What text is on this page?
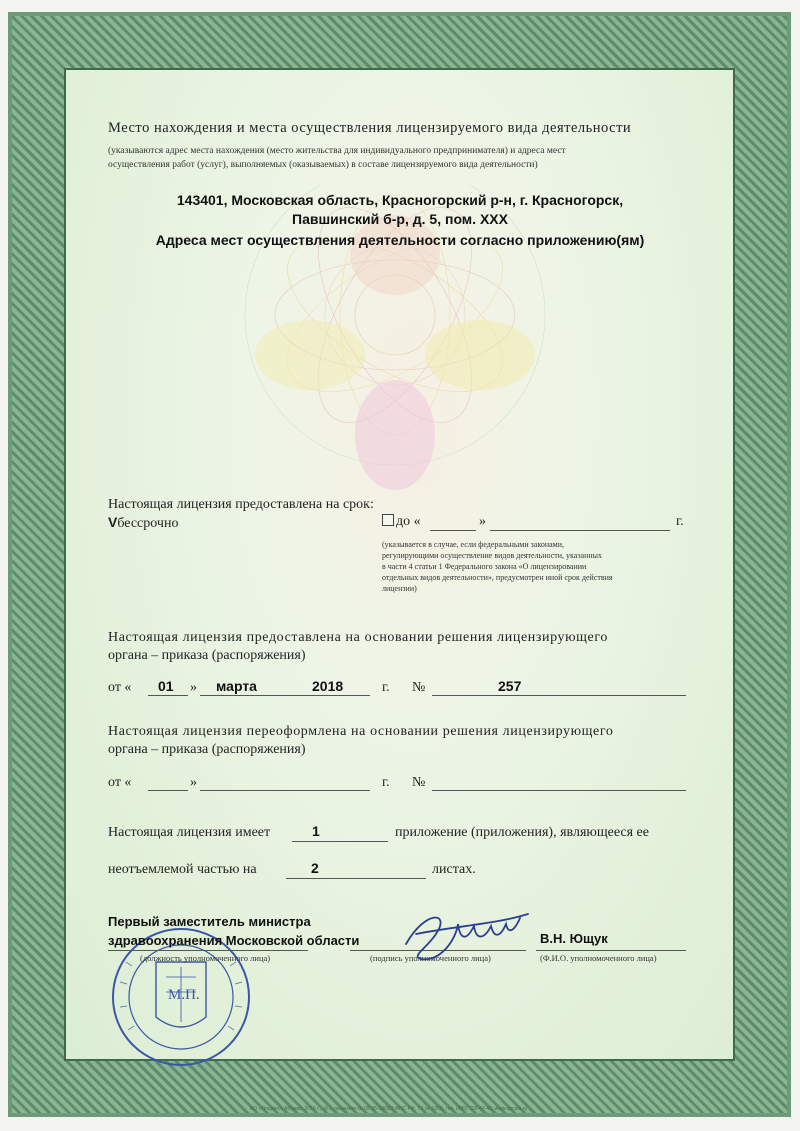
Место нахождения и места осуществления лицензируемого вида деятельности
(указываются адрес места нахождения (место жительства для индивидуального предпринимателя) и адреса мест
осуществления работ (услуг), выполняемых (оказываемых) в составе лицензируемого вида деятельности)
143401, Московская область, Красногорский р-н, г. Красногорск,
Павшинский б-р, д. 5, пом. XXX
Адреса мест осуществления деятельности согласно приложению(ям)
Настоящая лицензия предоставлена на срок:
Vбессрочно	до «	»	г.
(указывается в случае, если федеральными законами,
регулирующими осуществление видов деятельности, указанных
в части 4 статьи 1 Федерального закона «О лицензировании
отдельных видов деятельности», предусмотрен иной срок действия
лицензии)
Настоящая лицензия предоставлена на основании решения лицензирующего
органа – приказа (распоряжения)
от « 01 » марта	2018	г. №	257
Настоящая лицензия переоформлена на основании решения лицензирующего
органа – приказа (распоряжения)
от «	»	г. №
Настоящая лицензия имеет	1	приложение (приложения), являющееся ее
неотъемлемой частью на	2	листах.
М.П.
Первый заместитель министра
здравоохранения Московской области
(должность уполномоченного лица)	(подпись уполномоченного лица)
В.Н. Ющук
(Ф.И.О. уполномоченного лица)
АО «Опцион», Москва, 2016 г., «Б», лицензия № 05-05-09/003 ФНС РФ, ТЗ № 1260, тел. (495) 726-47-42, www.opcion.ru
